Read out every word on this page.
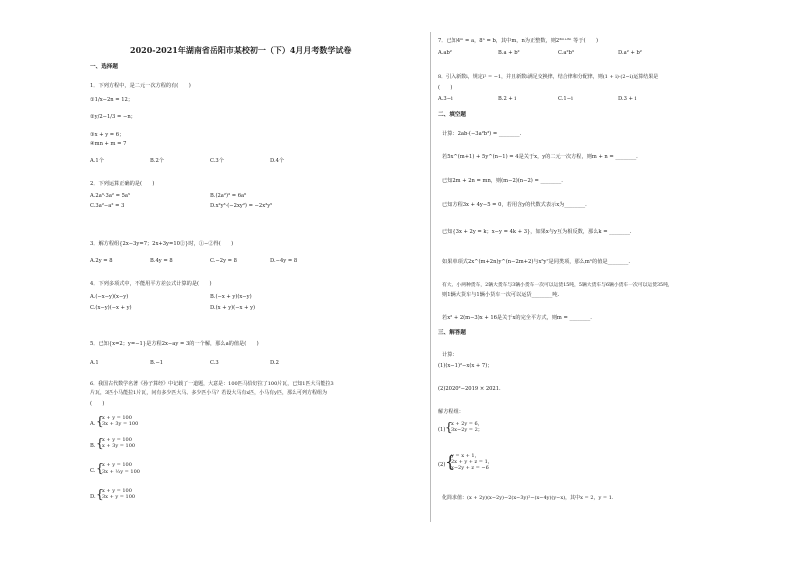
2020-2021年湖南省岳阳市某校初一（下）4月月考数学试卷
一、选择题
1．下列方程中，是二元一次方程的有(　　)
①1/x−2n = 12；
②y/2−1/3 = −n；
③x + y = 6；
④mn + m = 7
A.1个	B.2个	C.3个	D.4个
2．下列运算正确的是(　　)
A.2a³·3a² = 5a⁵	B.(2a²)³ = 6a⁶
C.3a²−a² = 3	D.x²y³·(−2xy²) = −2x³y⁵
3．解方程组{2x−3y=7；2x+3y=10②}时，①−②得(　　)
A.2y = 8	B.4y = 8	C.−2y = 8	D.−4y = 8
4．下列多项式中，不能用平方差公式计算的是(　　)
A.(−x−y)(x−y)	B.(−x + y)(x−y)
C.(x−y)(−x + y)	D.(x + y)(−x + y)
5．已知{x=2；y=−1}是方程2x−ay = 3的一个解，那么a的值是(　　)
A.1	B.−1	C.3	D.2
6．我国古代数学名著《孙子算经》中记载了一道题，大意是：100匹马恰好拉了100片瓦，已知1匹大马能拉3
片瓦，3匹小马能拉1片瓦，问有多少匹大马、多少匹小马？若设大马有x匹，小马有y匹，那么可列方程组为
(　　)
A. {
x + y = 100
3x + 3y = 100
B. {
x + y = 100
x + 3y = 100
C. {
x + y = 100
3x + ⅓y = 100
D. {
x + y = 100
3x + y = 100
7．已知4ᵐ = a，8ⁿ = b，其中m，n为正整数，则2²ᵐ⁺⁶ⁿ 等于(　　)
A.ab²	B.a + b²	C.a²b³	D.a² + b²
8．引入新数i，规定i² = −1，并且新数i满足交换律，结合律和分配律，则(1 + i)·(2−i)运算结果是
(　　)
A.3−i	B.2 + i	C.1−i	D.3 + i
二、填空题
计算：2ab·(−3a²b³) = ________.
若5x^(m+1) + 5y^(n−1) = 4是关于x，y的二元一次方程，则m + n = ________.
已知2m + 2n = mn，则(m−2)(n−2) = ________.
已知方程3x + 4y−5 = 0，若用含y的代数式表示x为________.
已知{3x + 2y = k；x−y = 4k + 3}，如果x与y互为相反数，那么k = ________.
如果单项式2x^(m+2n)y^(n−2m+2)与x⁵y⁷是同类项，那么mⁿ的值是________.
有大、小两种货车，2辆大货车与3辆小货车一次可以运货15吨，5辆大货车与6辆小货车一次可以运货35吨，
则1辆大货车与1辆小货车一次可以运货________吨.
若x² + 2(m−3)x + 16是关于x的完全平方式，则m = ________.
三、解答题
计算：
(1)(x−1)²−x(x + 7)；
(2)2020²−2019 × 2021.
解方程组：
(1) {
x + 2y = 6，
3x−2y = 2；
(2) {
y = x + 1，
2x + y + z = 1，
x−2y + z = −6
化简求值：(x + 2y)(x−2y)−2(x−3y)²−(x−4y)(y−x)，其中x = 2，y = 1.
